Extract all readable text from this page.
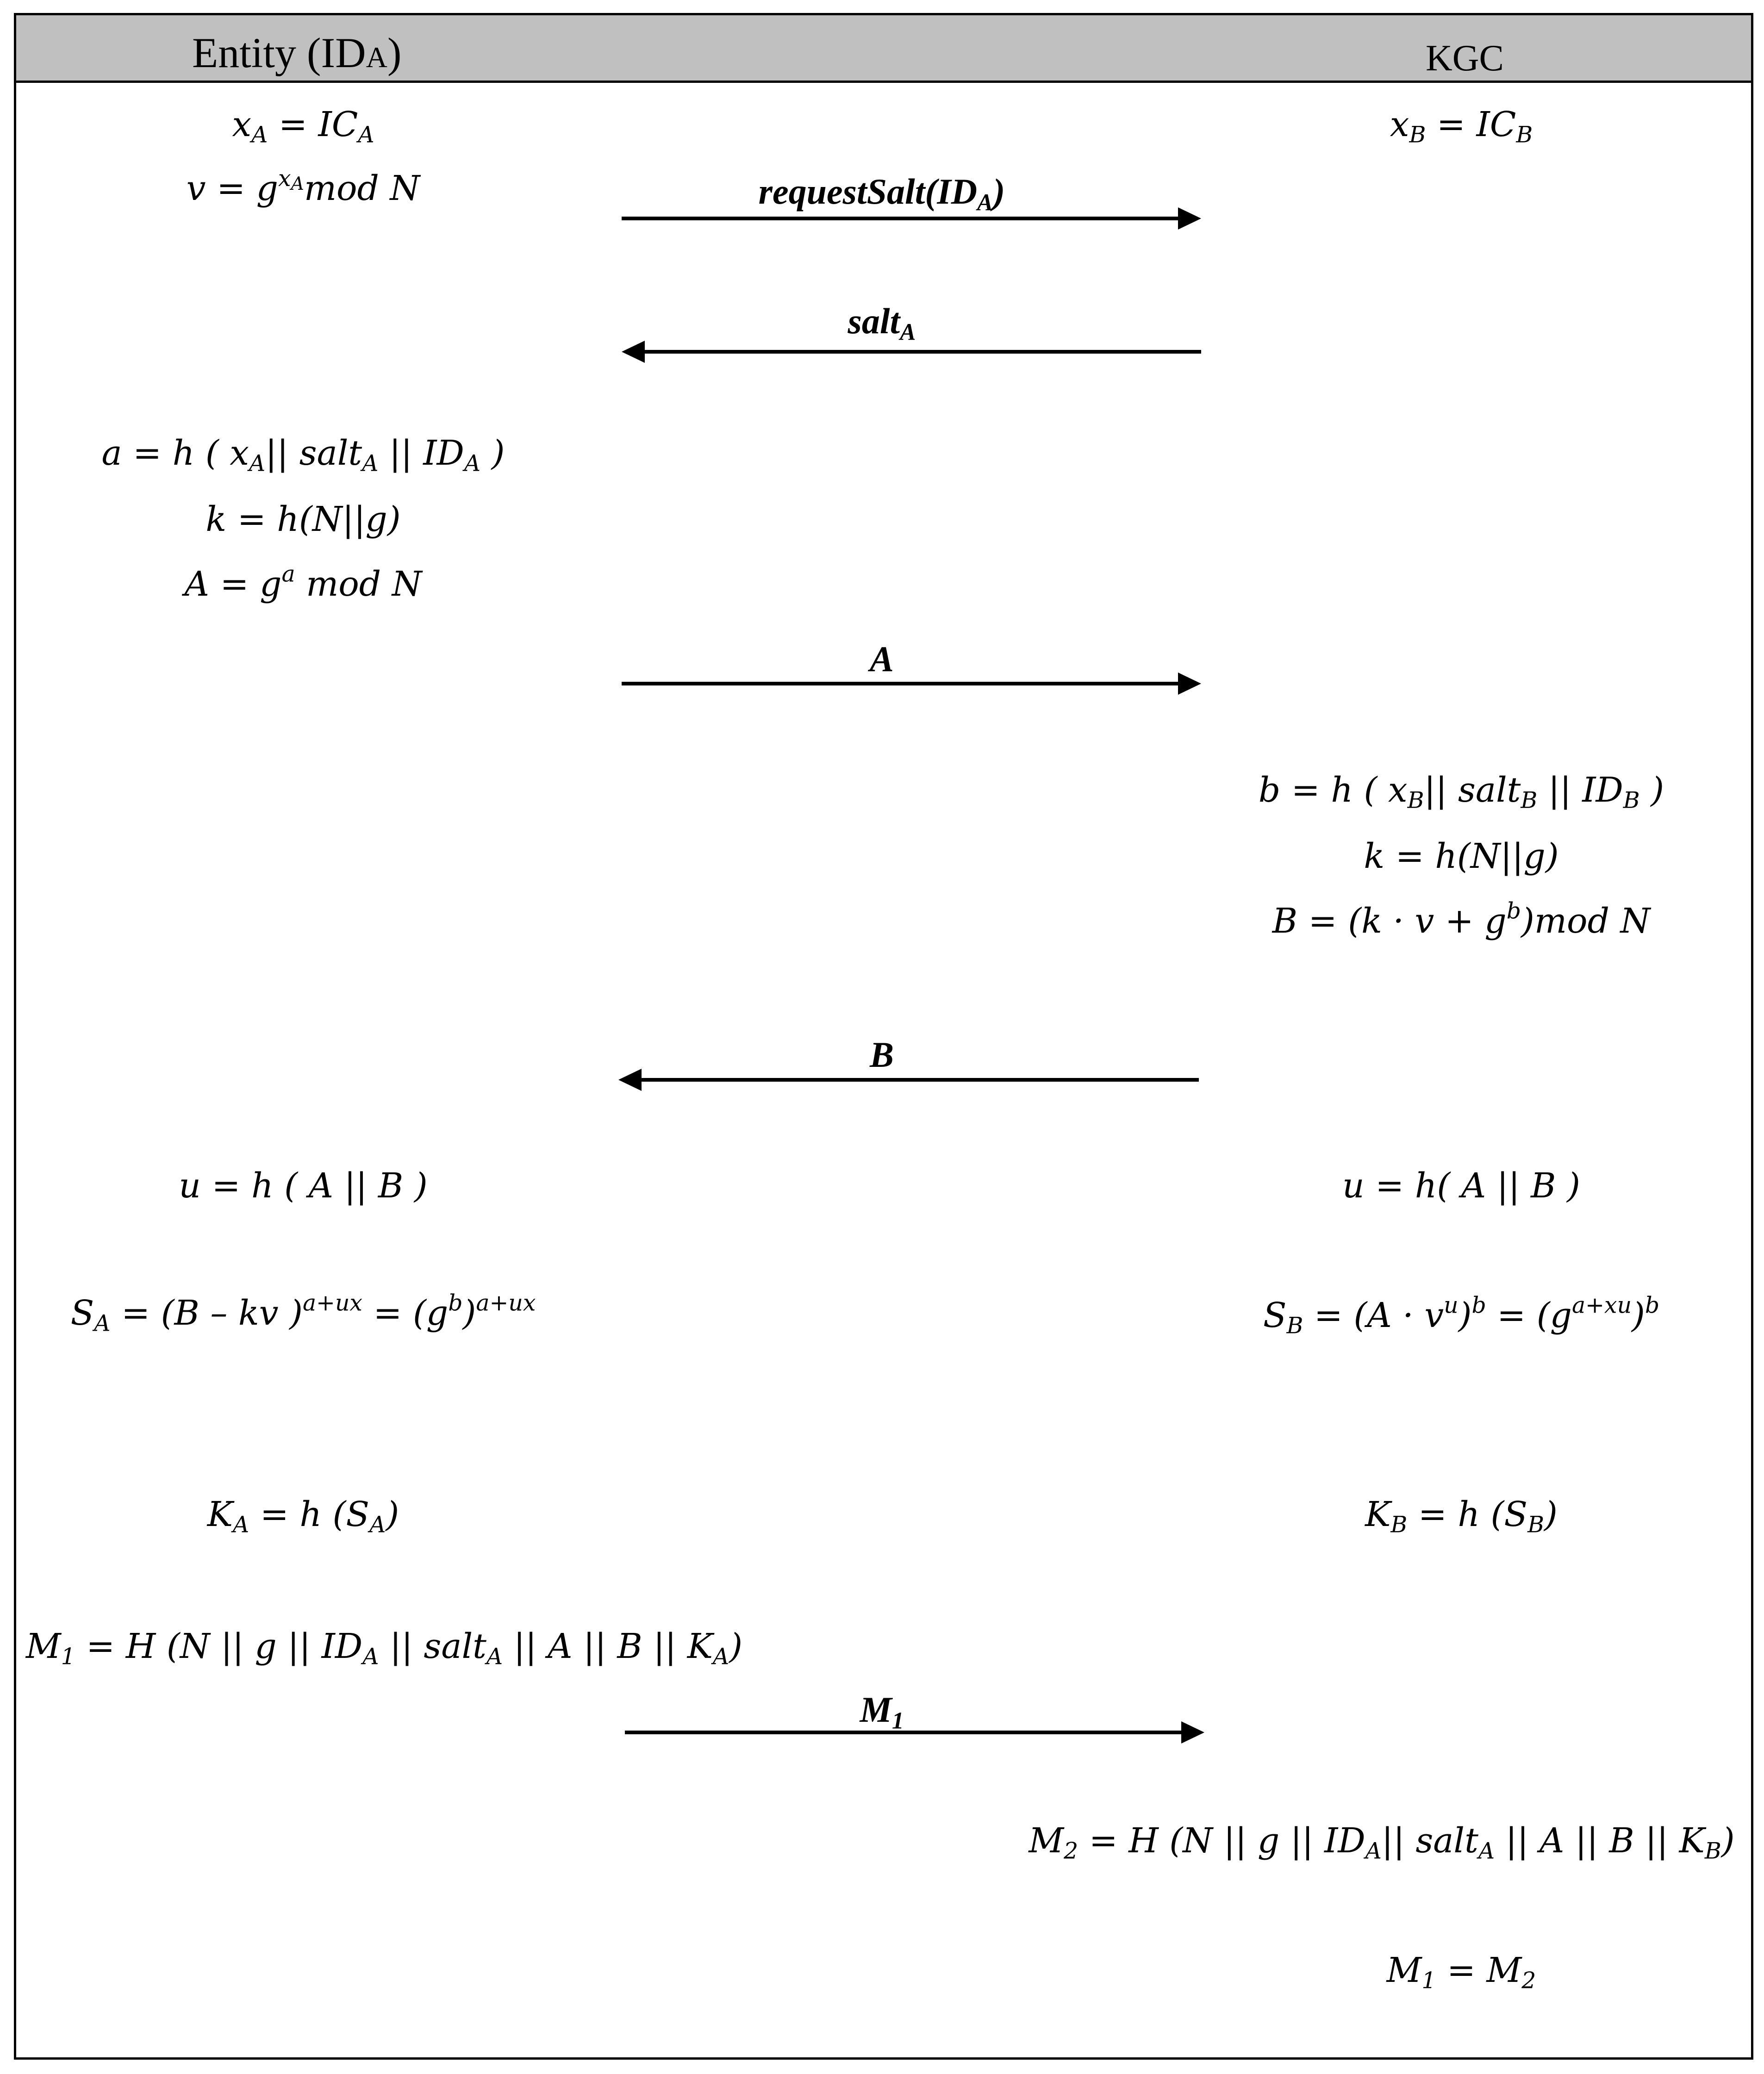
Entity (IDA)	KGC
$x_A = IC_A$
$v = g^{x_A}mod$ N
a = h ( $x_A||$ salt$_A$ || $ID_A$ )
k = h(N||g)
$A = g^a$ mod N
u = h ( A || B )
$S_A = (B$ – kv )$^{a+ux} = (g^b)^{a+ux}$
$K_A = h$ $(S_A)$
$M_1 = H$ (N || g || $ID_A$ || salt$_A$ || A || B || $K_A$)
$x_B = IC_B$
b = h ( $x_B||$ salt$_B$ || $ID_B$ )
k = h(N||g)
$B = (k \cdot v + g^b)mod$ N
u = h( A || B )
$S_B = (A \cdot v^u)^b = (g^{a+xu})^b$
$K_B = h$ $(S_B)$
$M_2 = H$ (N || g || $ID_A||$ salt$_A$ || A || B || $K_B$)
$M_1 = M_2$
$requestSalt(ID_A)$
salt$_A$
A
B
$M_1$
